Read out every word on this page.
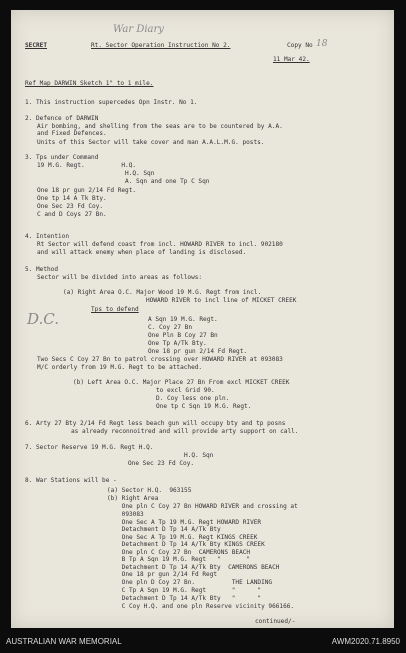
War Diary
D.C.
SECRET	Rt. Sector Operation Instruction No 2.	Copy No 18
11 Mar 42.
Ref Map DARWIN Sketch 1" to 1 mile.
1. This instruction supercedes Opn Instr. No 1.
2. Defence of DARWIN
Air bombing, and shelling from the seas are to be countered by A.A.
and Fixed Defences.
Units of this Sector will take cover and man A.A.L.M.G. posts.
3. Tps under Command
19 M.G. Regt.          H.Q.
H.Q. Sqn
A. Sqn and one Tp C Sqn
One 18 pr gun 2/14 Fd Regt.
One tp 14 A Tk Bty.
One Sec 23 Fd Coy.
C and D Coys 27 Bn.
4. Intention
Rt Sector will defend coast from incl. HOWARD RIVER to incl. 902180
and will attack enemy when place of landing is disclosed.
5. Method
Sector will be divided into areas as follows:
(a) Right Area O.C. Major Wood 19 M.G. Regt from incl.
HOWARD RIVER to incl line of MICKET CREEK
Tps to defend
A Sqn 19 M.G. Regt.
C. Coy 27 Bn
One Pln B Coy 27 Bn
One Tp A/Tk Bty.
One 18 pr gun 2/14 Fd Regt.
Two Secs C Coy 27 Bn to patrol crossing over HOWARD RIVER at 093083
M/C orderly from 19 M.G. Regt to be attached.
(b) Left Area O.C. Major Place 27 Bn From excl MICKET CREEK
to excl Grid 90.
D. Coy less one pln.
One tp C Sqn 19 M.G. Regt.
6. Arty 27 Bty 2/14 Fd Regt less beach gun will occupy bty and tp posns
as already reconnoitred and will provide arty support on call.
7. Sector Reserve 19 M.G. Regt H.Q.
H.Q. Sqn
One Sec 23 Fd Coy.
8. War Stations will be -
(a) Sector H.Q.  963155
(b) Right Area
One pln C Coy 27 Bn HOWARD RIVER and crossing at
093083
One Sec A Tp 19 M.G. Regt HOWARD RIVER
Detachment D Tp 14 A/Tk Bty
One Sec A Tp 19 M.G. Regt KINGS CREEK
Detachment D Tp 14 A/Tk Bty KINGS CREEK
One pln C Coy 27 Bn  CAMERONS BEACH
B Tp A Sqn 19 M.G. Regt   "       "
Detachment D Tp 14 A/Tk Bty  CAMERONS BEACH
One 18 pr gun 2/14 Fd Regt
One pln D Coy 27 Bn.          THE LANDING
C Tp A Sqn 19 M.G. Regt       "      "
Detachment D Tp 14 A/Tk Bty   "      "
C Coy H.Q. and one pln Reserve vicinity 966166.
continued/-
AUSTRALIAN WAR MEMORIAL	AWM2020.71.8950
